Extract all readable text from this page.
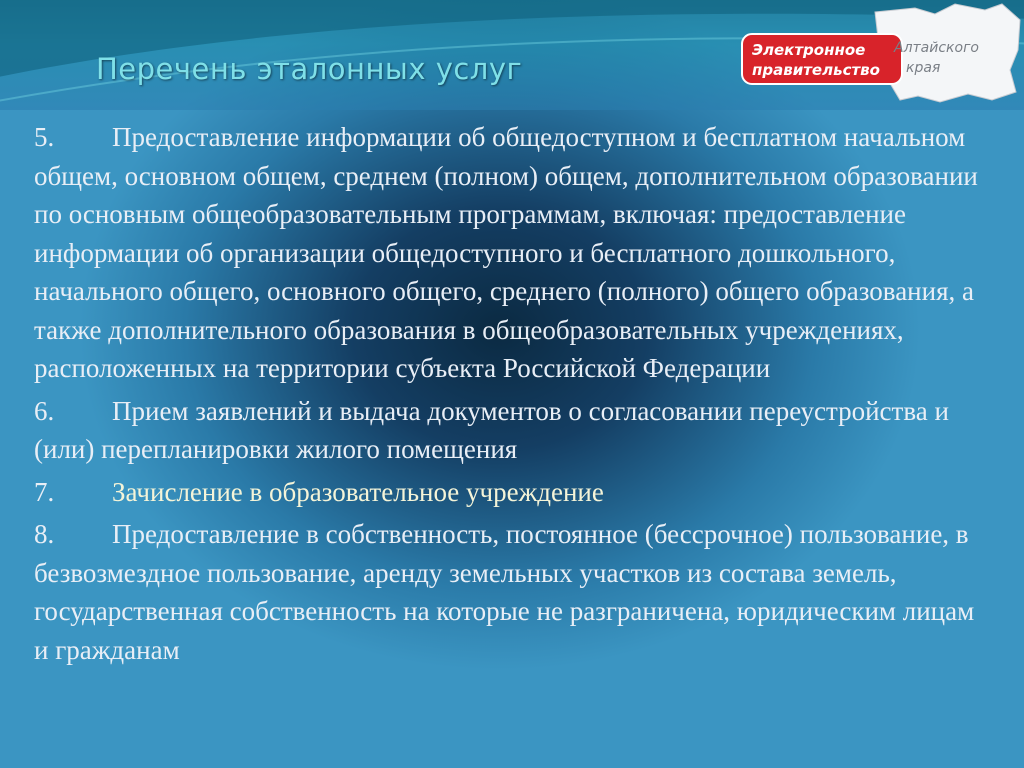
Перечень эталонных услуг
Электронное
правительство
Алтайского
края

5. Предоставление информации об общедоступном и бесплатном начальном общем, основном общем, среднем (полном) общем, дополнительном образовании по основным общеобразовательным программам, включая: предоставление информации об организации общедоступного и бесплатного дошкольного, начального общего, основного общего, среднего (полного) общего образования, а также дополнительного образования в общеобразовательных учреждениях, расположенных на территории субъекта Российской Федерации

6. Прием заявлений и выдача документов о согласовании переустройства и (или) перепланировки жилого помещения

7. Зачисление в образовательное учреждение

8. Предоставление в собственность, постоянное (бессрочное) пользование, в безвозмездное пользование, аренду земельных участков из состава земель, государственная собственность на которые не разграничена, юридическим лицам и гражданам
